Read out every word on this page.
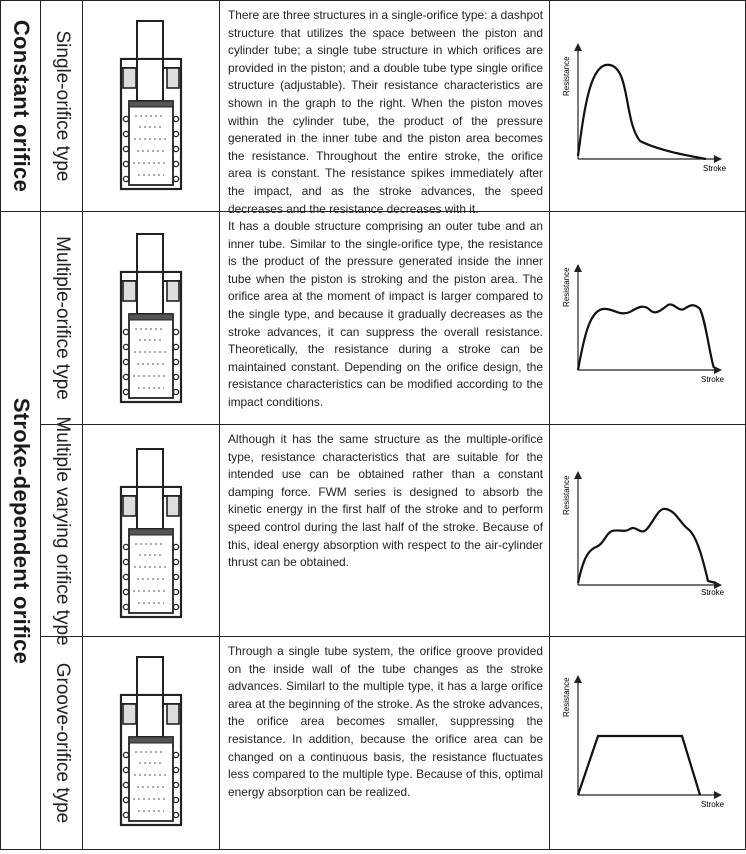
Constant orifice
Stroke-dependent orifice
Single-orifice type
There are three structures in a single-orifice type: a dashpot structure that utilizes the space between the piston and cylinder tube; a single tube structure in which orifices are provided in the piston; and a double tube type single orifice structure (adjustable). Their resistance characteristics are shown in the graph to the right. When the piston moves within the cylinder tube, the product of the pressure generated in the inner tube and the piston area becomes the resistance. Throughout the entire stroke, the orifice area is constant. The resistance spikes immediately after the impact, and as the stroke advances, the speed decreases and the resistance decreases with it.
Resistance
Stroke
Multiple-orifice type
It has a double structure comprising an outer tube and an inner tube. Similar to the single-orifice type, the resistance is the product of the pressure generated inside the inner tube when the piston is stroking and the piston area. The orifice area at the moment of impact is larger compared to the single type, and because it gradually decreases as the stroke advances, it can suppress the overall resistance. Theoretically, the resistance during a stroke can be maintained constant. Depending on the orifice design, the resistance characteristics can be modified according to the impact conditions.
Resistance
Stroke
Multiple varying orifice type	Although it has the same structure as the multiple-orifice type, resistance characteristics that are suitable for the intended use can be obtained rather than a constant damping force. FWM series is designed to absorb the kinetic energy in the first half of the stroke and to perform speed control during the last half of the stroke. Because of this, ideal energy absorption with respect to the air-cylinder thrust can be obtained.
Resistance
Stroke
Groove-orifice type
Through a single tube system, the orifice groove provided on the inside wall of the tube changes as the stroke advances. Similarl to the multiple type, it has a large orifice area at the beginning of the stroke. As the stroke advances, the orifice area becomes smaller, suppressing the resistance. In addition, because the orifice area can be changed on a continuous basis, the resistance fluctuates less compared to the multiple type. Because of this, optimal energy absorption can be realized.
Resistance
Stroke
